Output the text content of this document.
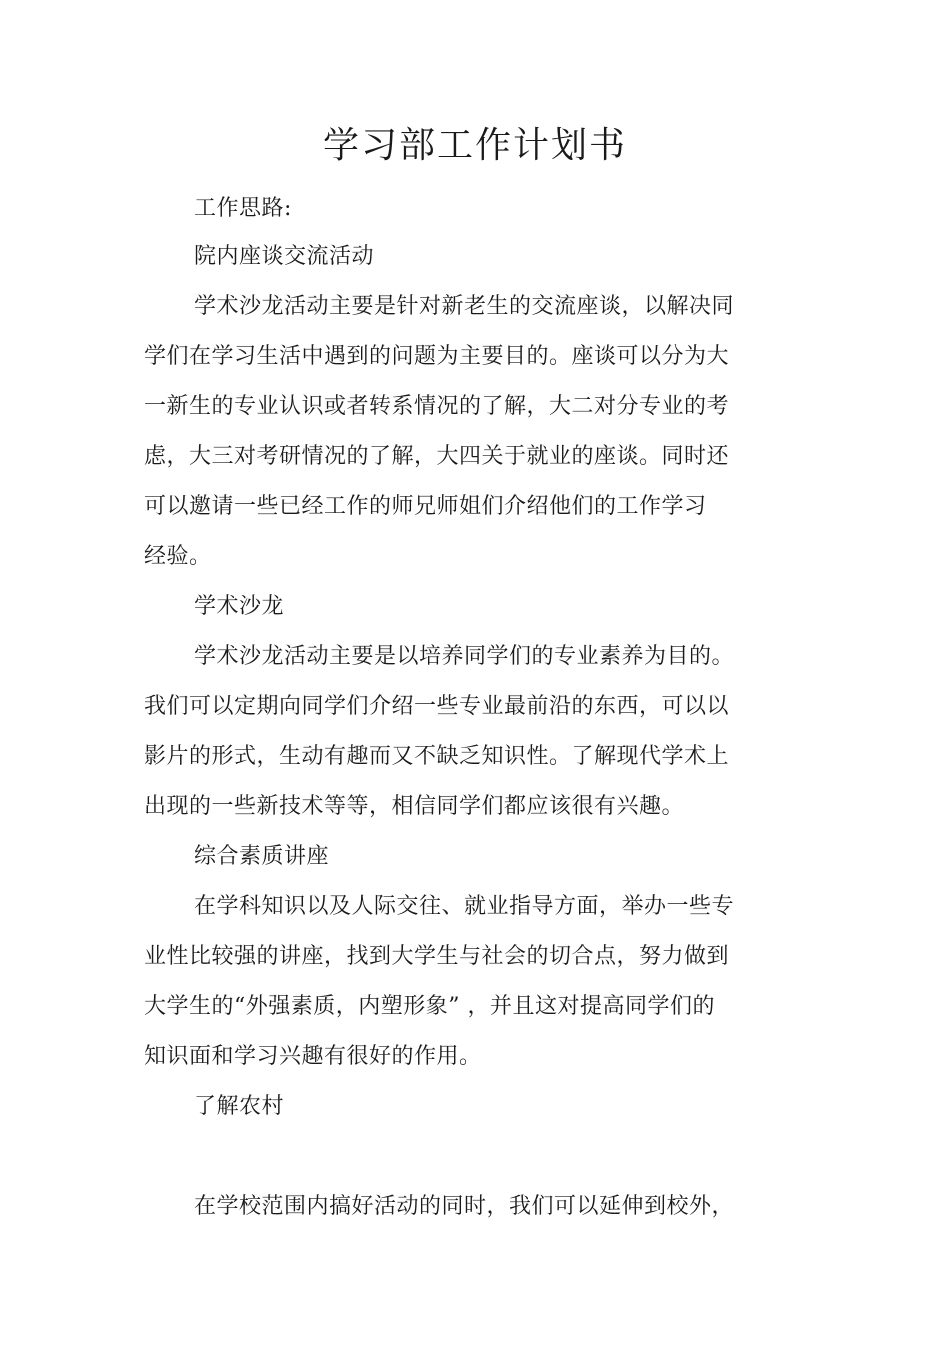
学习部工作计划书
工作思路:
院内座谈交流活动
学术沙龙活动主要是针对新老生的交流座谈，以解决同
学们在学习生活中遇到的问题为主要目的。座谈可以分为大
一新生的专业认识或者转系情况的了解，大二对分专业的考
虑，大三对考研情况的了解，大四关于就业的座谈。同时还
可以邀请一些已经工作的师兄师姐们介绍他们的工作学习
经验。
学术沙龙
学术沙龙活动主要是以培养同学们的专业素养为目的。
我们可以定期向同学们介绍一些专业最前沿的东西，可以以
影片的形式，生动有趣而又不缺乏知识性。了解现代学术上
出现的一些新技术等等，相信同学们都应该很有兴趣。
综合素质讲座
在学科知识以及人际交往、就业指导方面，举办一些专
业性比较强的讲座，找到大学生与社会的切合点，努力做到
大学生的“外强素质，内塑形象” ，并且这对提高同学们的
知识面和学习兴趣有很好的作用。
了解农村
在学校范围内搞好活动的同时，我们可以延伸到校外，
